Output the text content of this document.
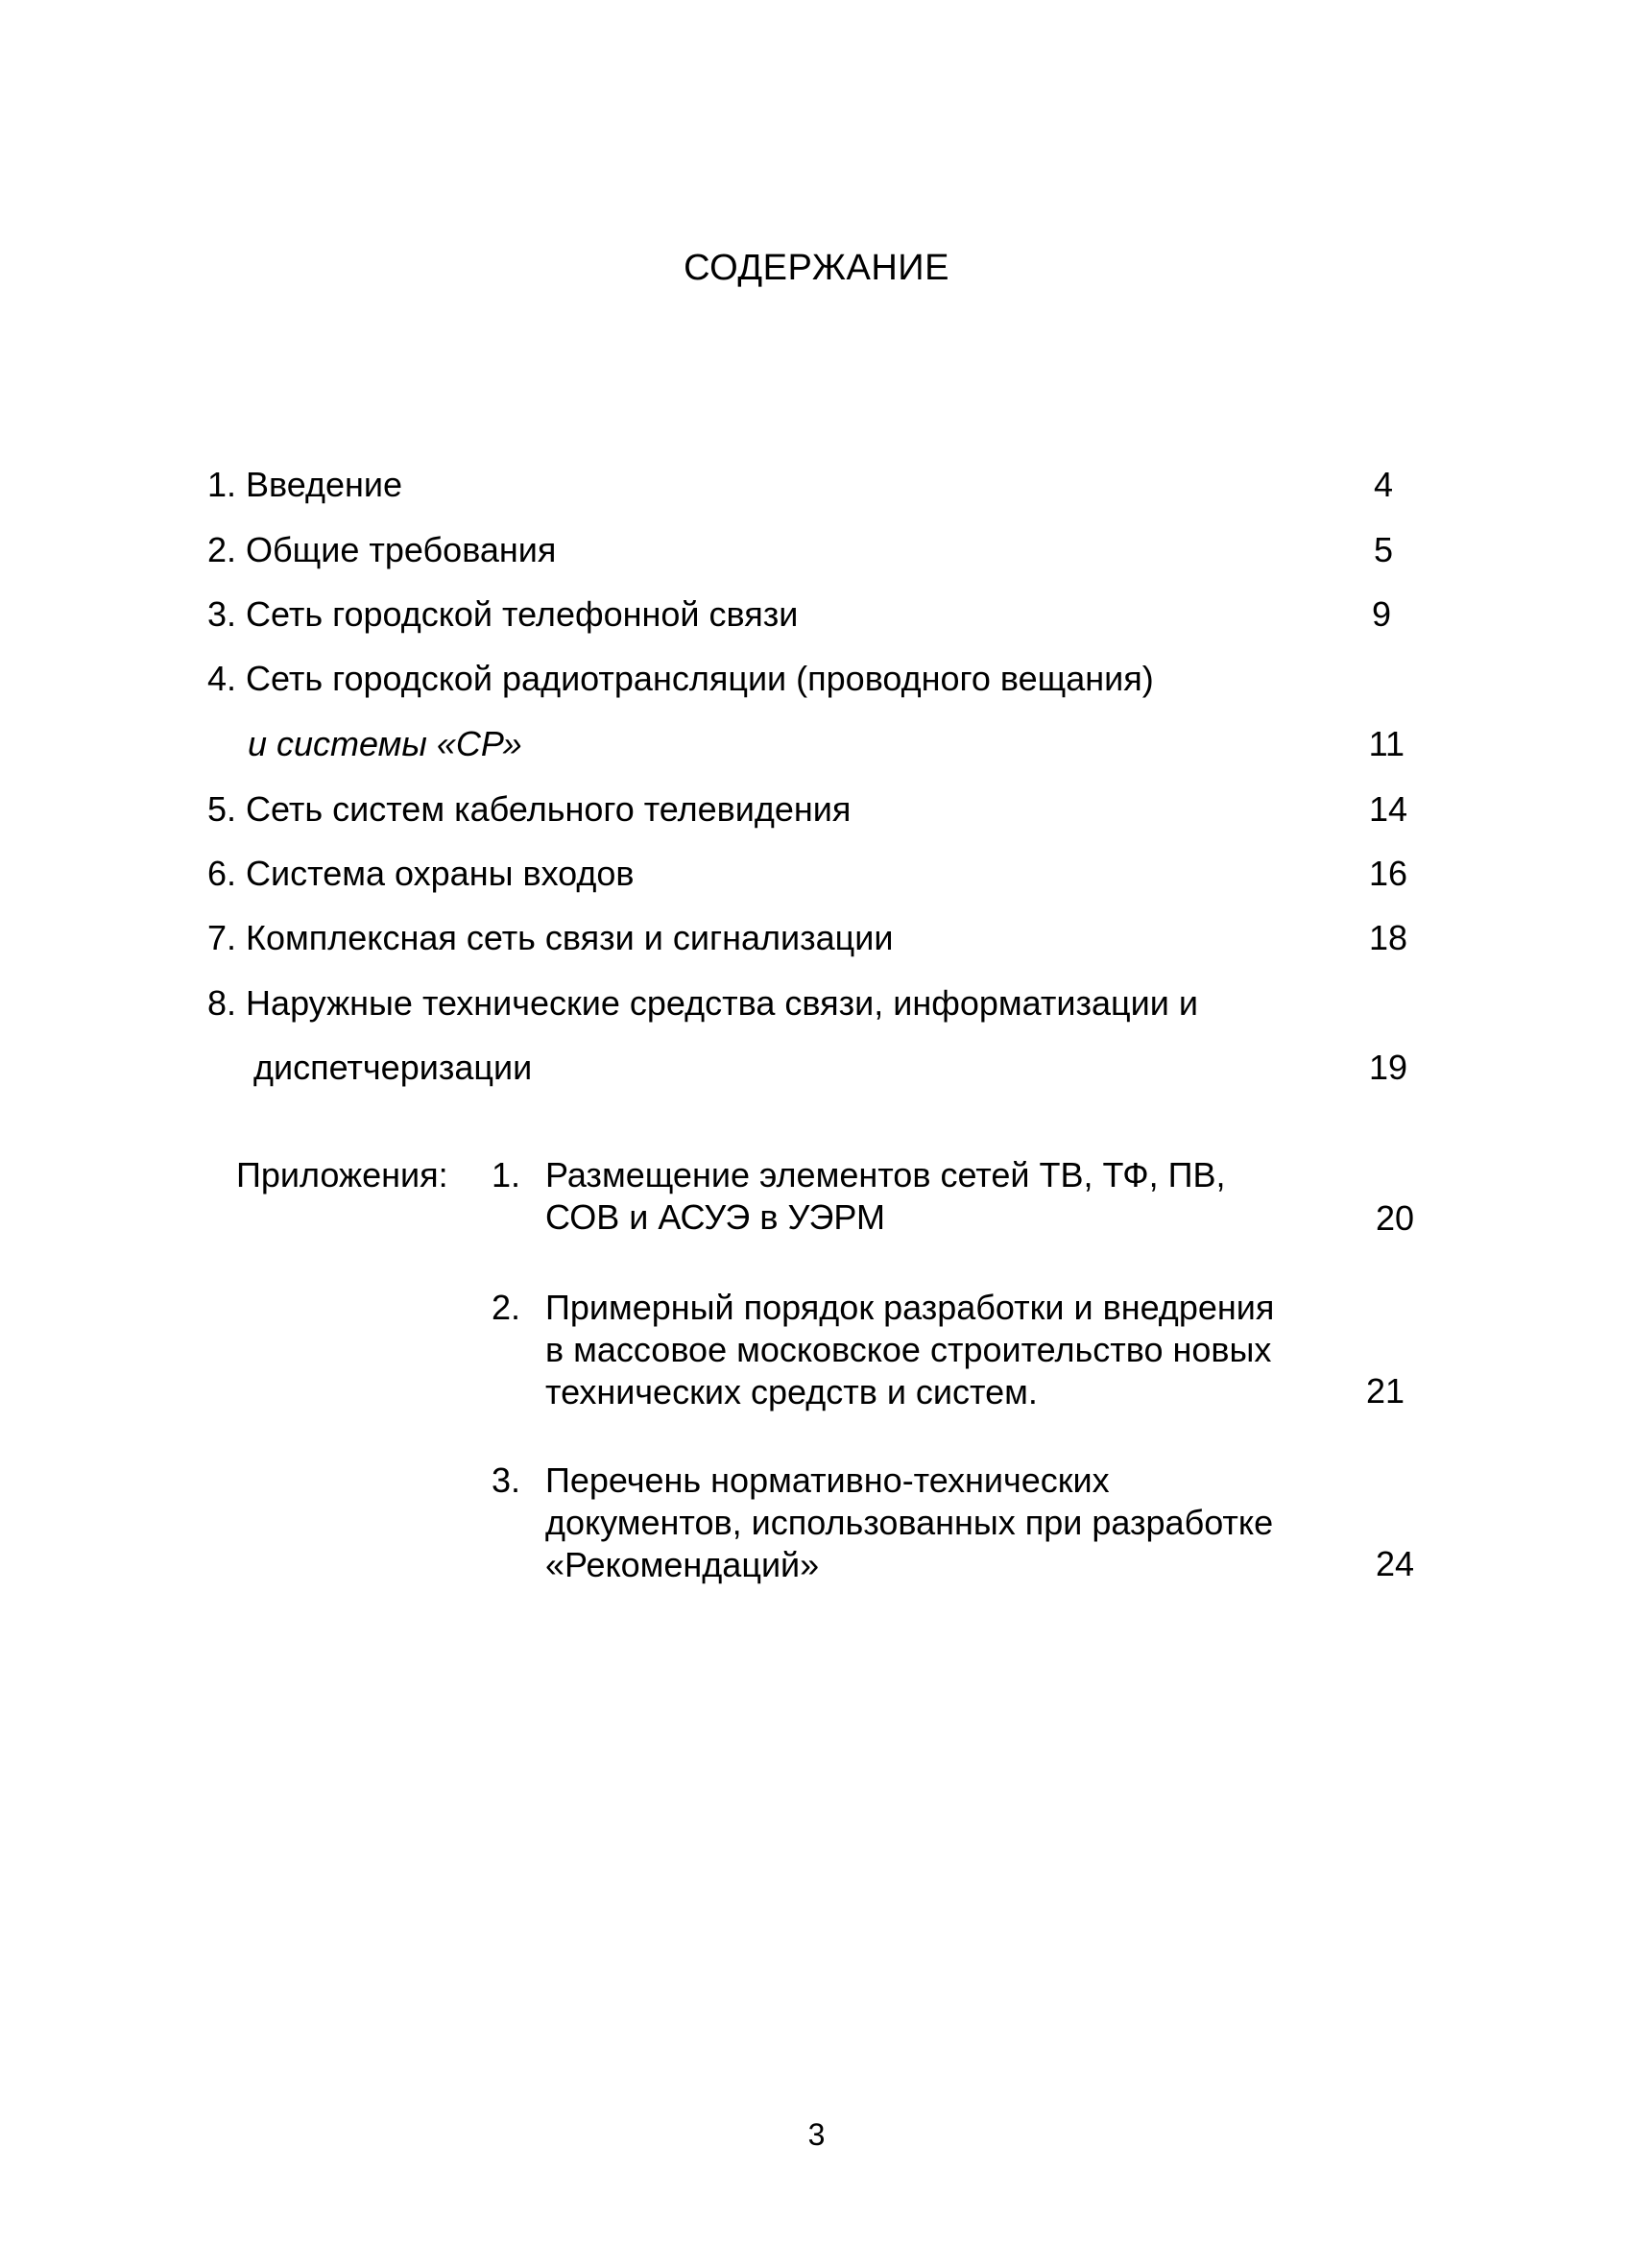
СОДЕРЖАНИЕ
1. Введение	4
2. Общие требования	5
3. Сеть городской телефонной связи	9
4. Сеть городской радиотрансляции (проводного вещания)
и системы «СР»	11
5. Сеть систем кабельного телевидения	14
6. Система охраны входов	16
7. Комплексная сеть связи и сигнализации	18
8. Наружные технические средства связи, информатизации и
диспетчеризации	19
Приложения: 1. Размещение элементов сетей ТВ, ТФ, ПВ,
СОВ и АСУЭ в УЭРМ	20
2. Примерный порядок разработки и внедрения
в массовое московское строительство новых
технических средств и систем.	21
3. Перечень нормативно-технических
документов, использованных при разработке
«Рекомендаций»	24
3
